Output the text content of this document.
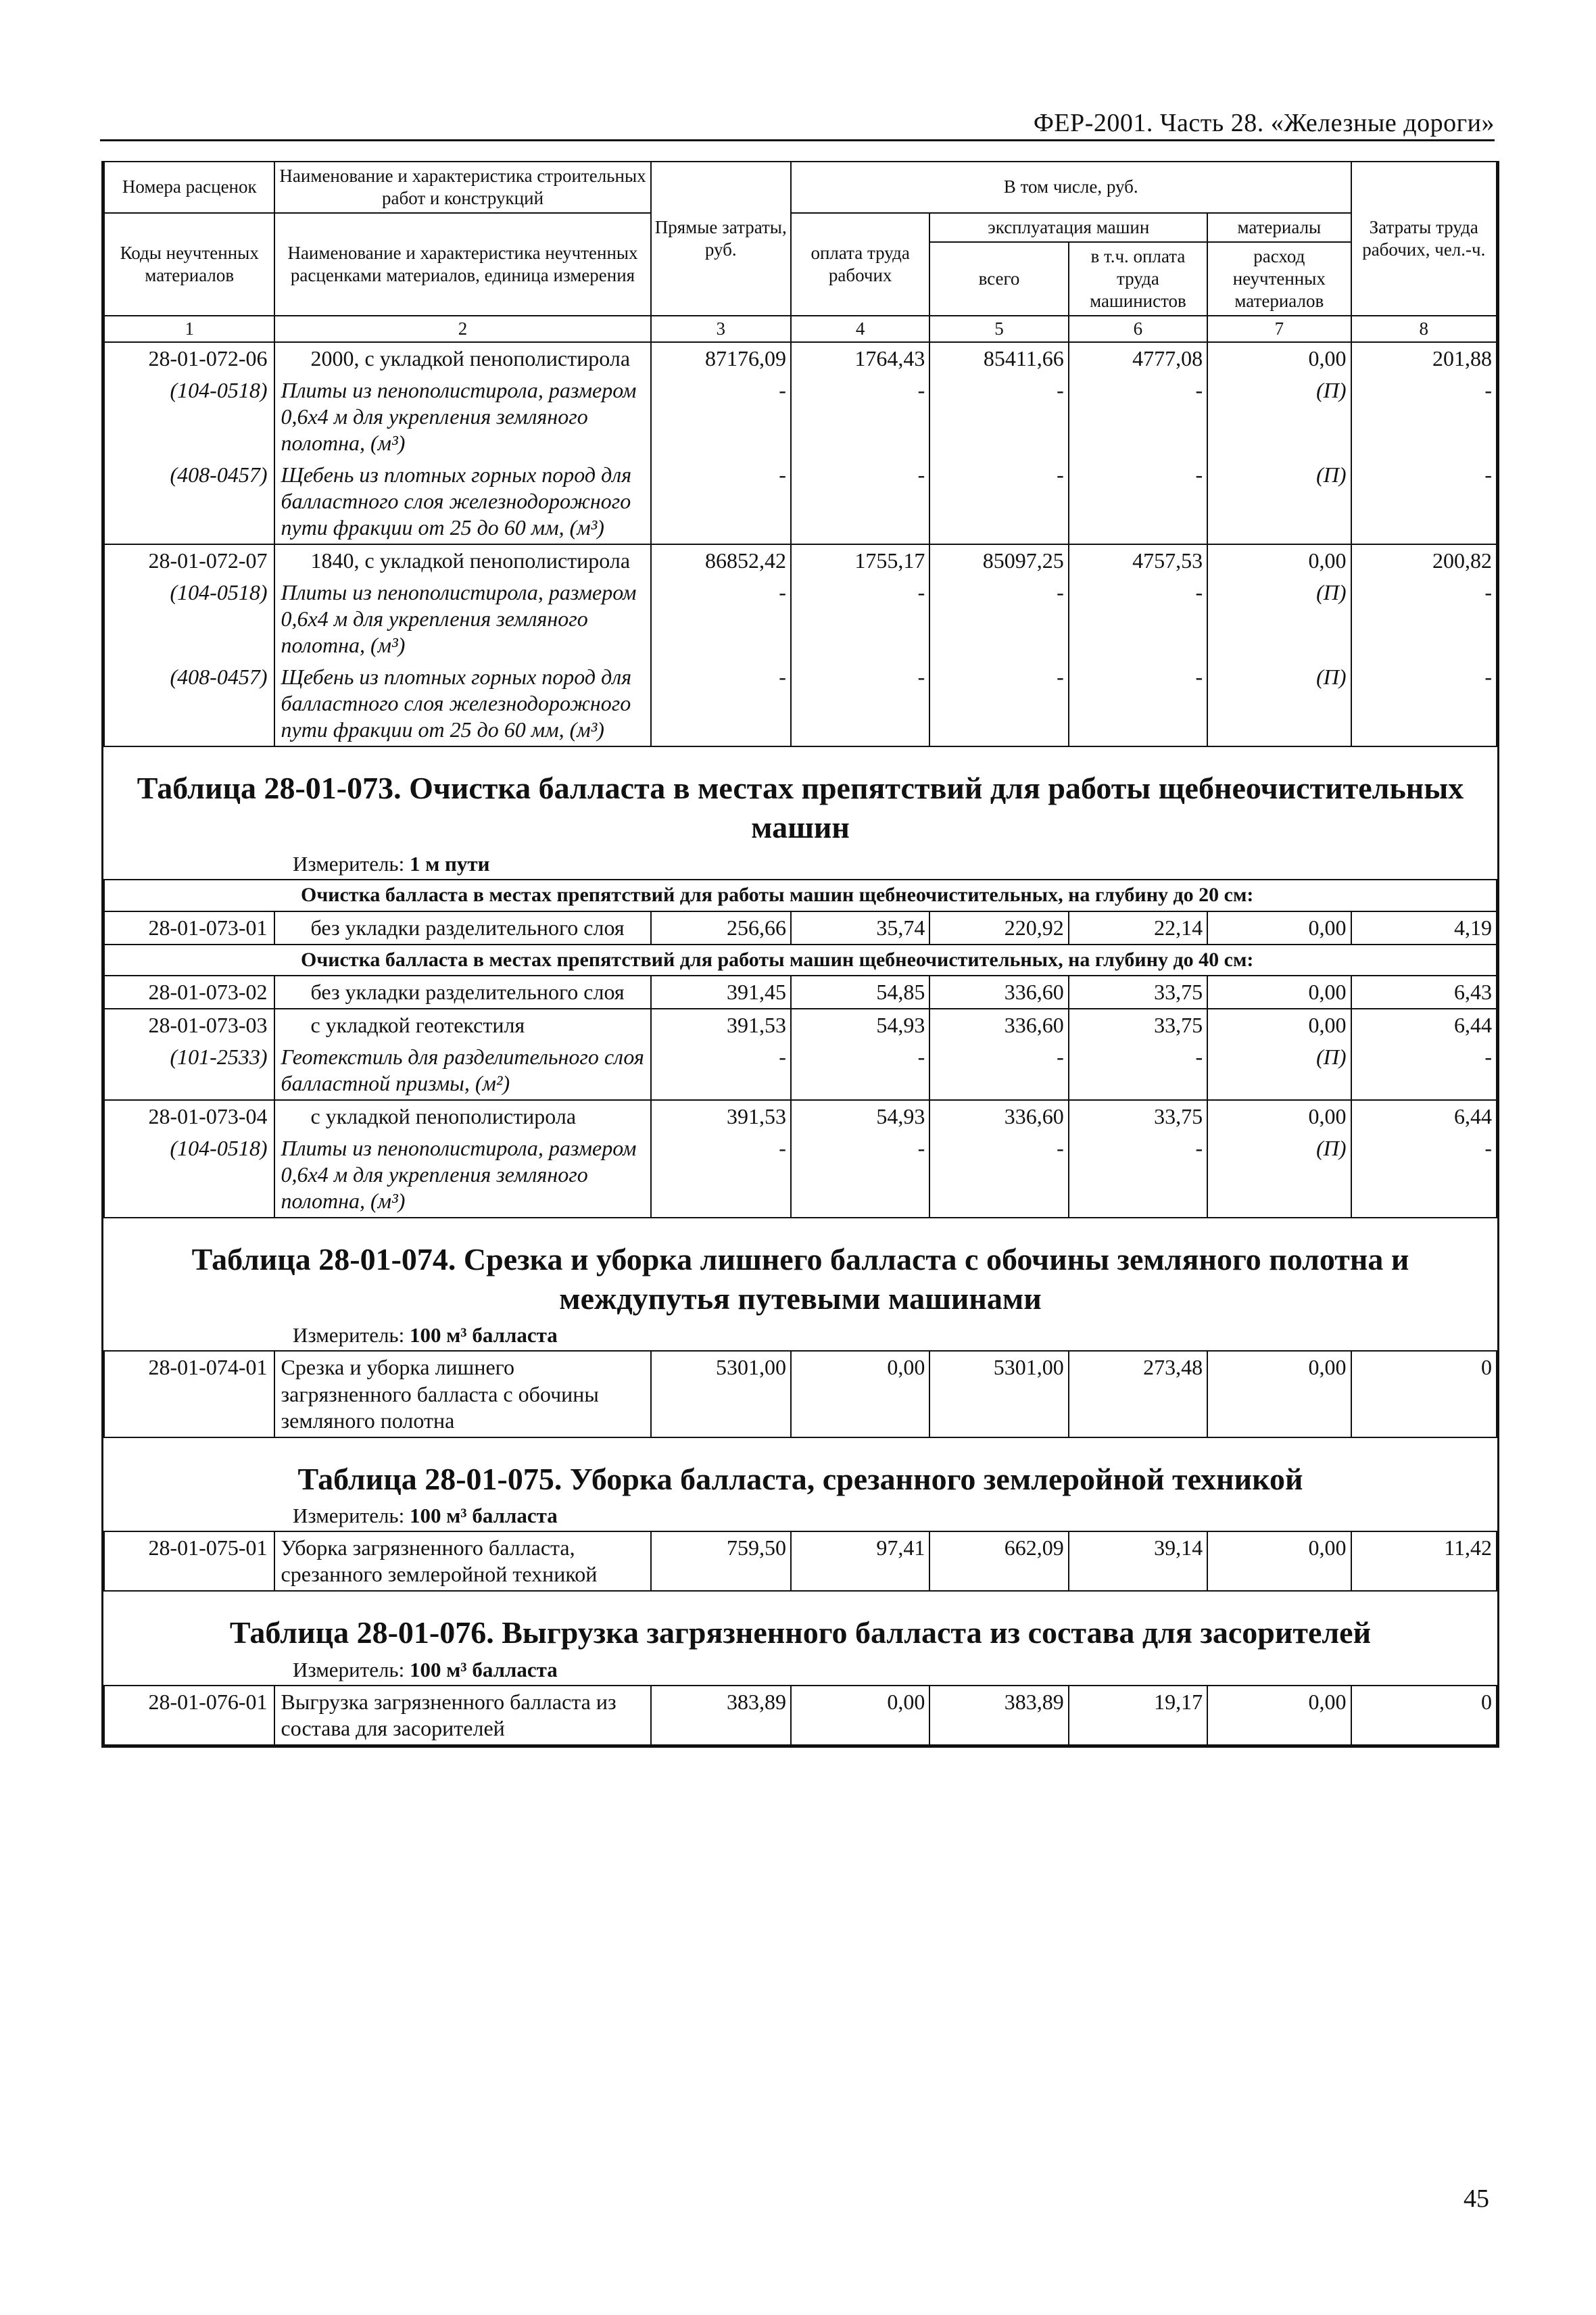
ФЕР-2001. Часть 28. «Железные дороги»
Номера расценок	Наименование и характеристика строительных работ и конструкций	Прямые затраты, руб.	В том числе, руб.				Затраты труда рабочих, чел.-ч.
Коды неучтенных материалов	Наименование и характеристика неучтенных расценками материалов, единица измерения		оплата труда рабочих	эксплуатация машин		материалы	
				всего	в т.ч. оплата труда машинистов	расход неучтенных материалов	
1	2	3	4	5	6	7	8
28-01-072-06	2000, с укладкой пенополистирола	87176,09	1764,43	85411,66	4777,08	0,00	201,88
(104-0518)	Плиты из пенополистирола, размером 0,6х4 м для укрепления земляного полотна, (м³)	-	-	-	-	(П)	-
(408-0457)	Щебень из плотных горных пород для балластного слоя железнодорожного пути фракции от 25 до 60 мм, (м³)	-	-	-	-	(П)	-
28-01-072-07	1840, с укладкой пенополистирола	86852,42	1755,17	85097,25	4757,53	0,00	200,82
(104-0518)	Плиты из пенополистирола, размером 0,6х4 м для укрепления земляного полотна, (м³)	-	-	-	-	(П)	-
(408-0457)	Щебень из плотных горных пород для балластного слоя железнодорожного пути фракции от 25 до 60 мм, (м³)	-	-	-	-	(П)	-
Таблица 28-01-073. Очистка балласта в местах препятствий для работы щебнеочистительных машин
Измеритель: 1 м пути
Очистка балласта в местах препятствий для работы машин щебнеочистительных, на глубину до 20 см:							
28-01-073-01	без укладки разделительного слоя	256,66	35,74	220,92	22,14	0,00	4,19
Очистка балласта в местах препятствий для работы машин щебнеочистительных, на глубину до 40 см:							
28-01-073-02	без укладки разделительного слоя	391,45	54,85	336,60	33,75	0,00	6,43
28-01-073-03	с укладкой геотекстиля	391,53	54,93	336,60	33,75	0,00	6,44
(101-2533)	Геотекстиль для разделительного слоя балластной призмы, (м²)	-	-	-	-	(П)	-
28-01-073-04	с укладкой пенополистирола	391,53	54,93	336,60	33,75	0,00	6,44
(104-0518)	Плиты из пенополистирола, размером 0,6х4 м для укрепления земляного полотна, (м³)	-	-	-	-	(П)	-
Таблица 28-01-074. Срезка и уборка лишнего балласта с обочины земляного полотна и междупутья путевыми машинами
Измеритель: 100 м³ балласта
28-01-074-01	Срезка и уборка лишнего загрязненного балласта с обочины земляного полотна	5301,00	0,00	5301,00	273,48	0,00	0
Таблица 28-01-075. Уборка балласта, срезанного землеройной техникой
Измеритель: 100 м³ балласта
28-01-075-01	Уборка загрязненного балласта, срезанного землеройной техникой	759,50	97,41	662,09	39,14	0,00	11,42
Таблица 28-01-076. Выгрузка загрязненного балласта из состава для засорителей
Измеритель: 100 м³ балласта
28-01-076-01	Выгрузка загрязненного балласта из состава для засорителей	383,89	0,00	383,89	19,17	0,00	0
45
